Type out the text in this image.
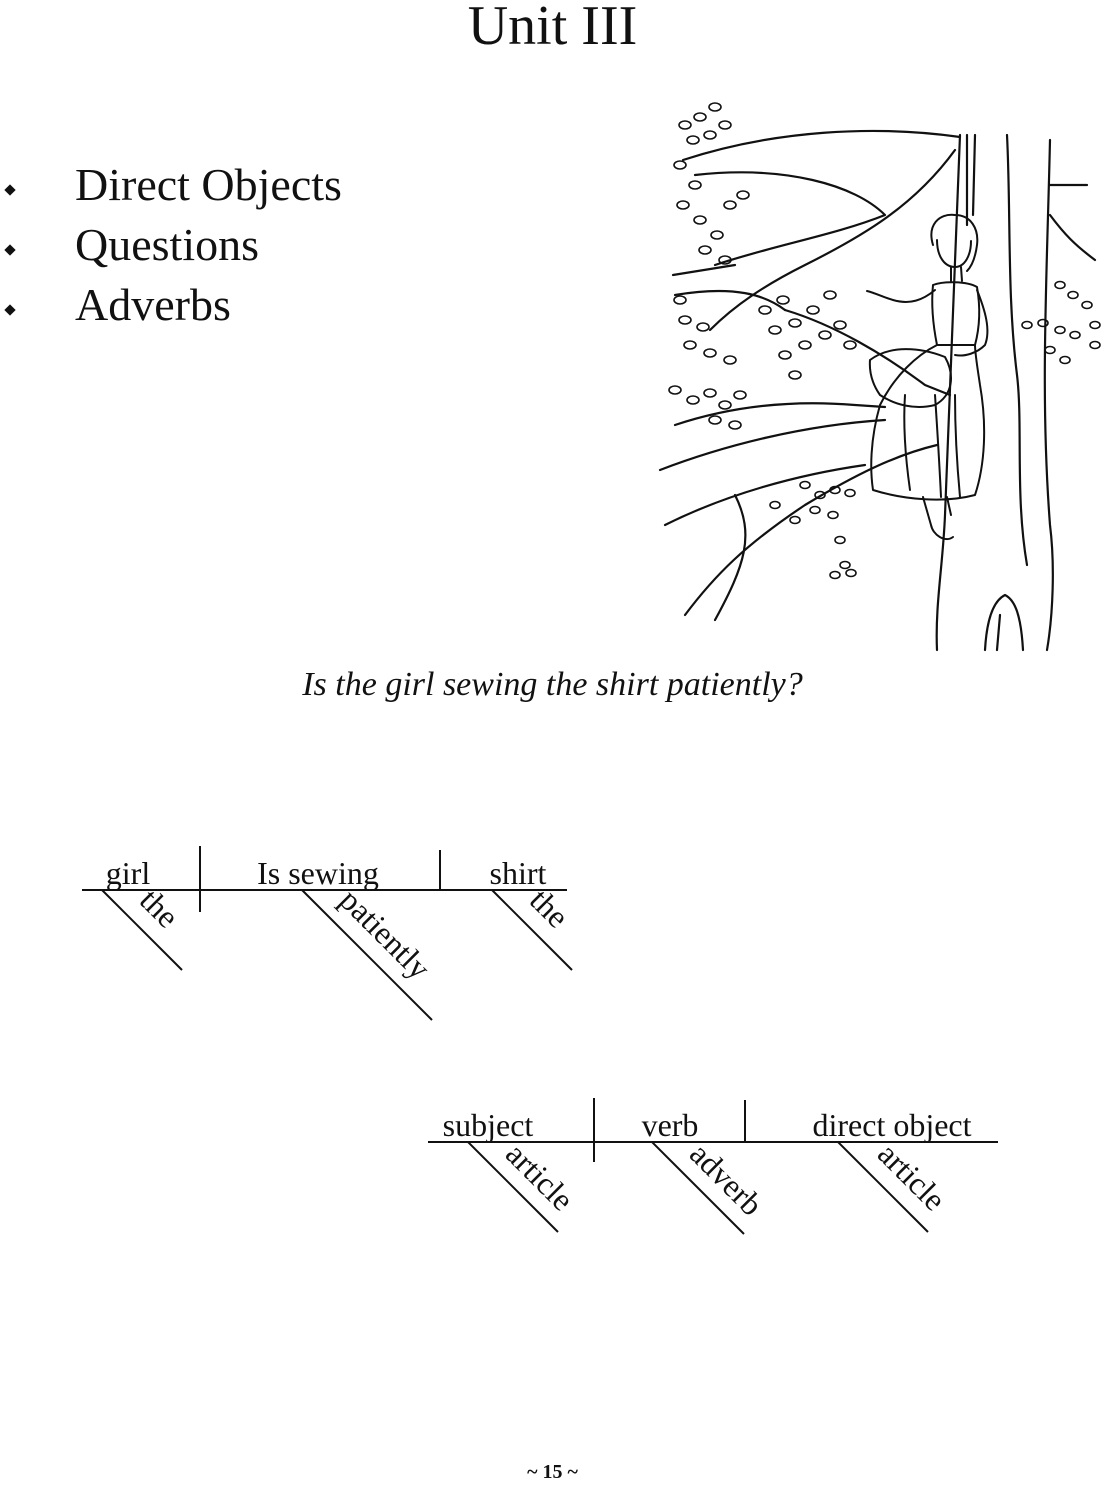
Unit III
Direct Objects
Questions
Adverbs
Is the girl sewing the shirt patiently?
girl	Is sewing	shirt
the	patiently	the
subject	verb	direct object
article	adverb	article
~ 15 ~
